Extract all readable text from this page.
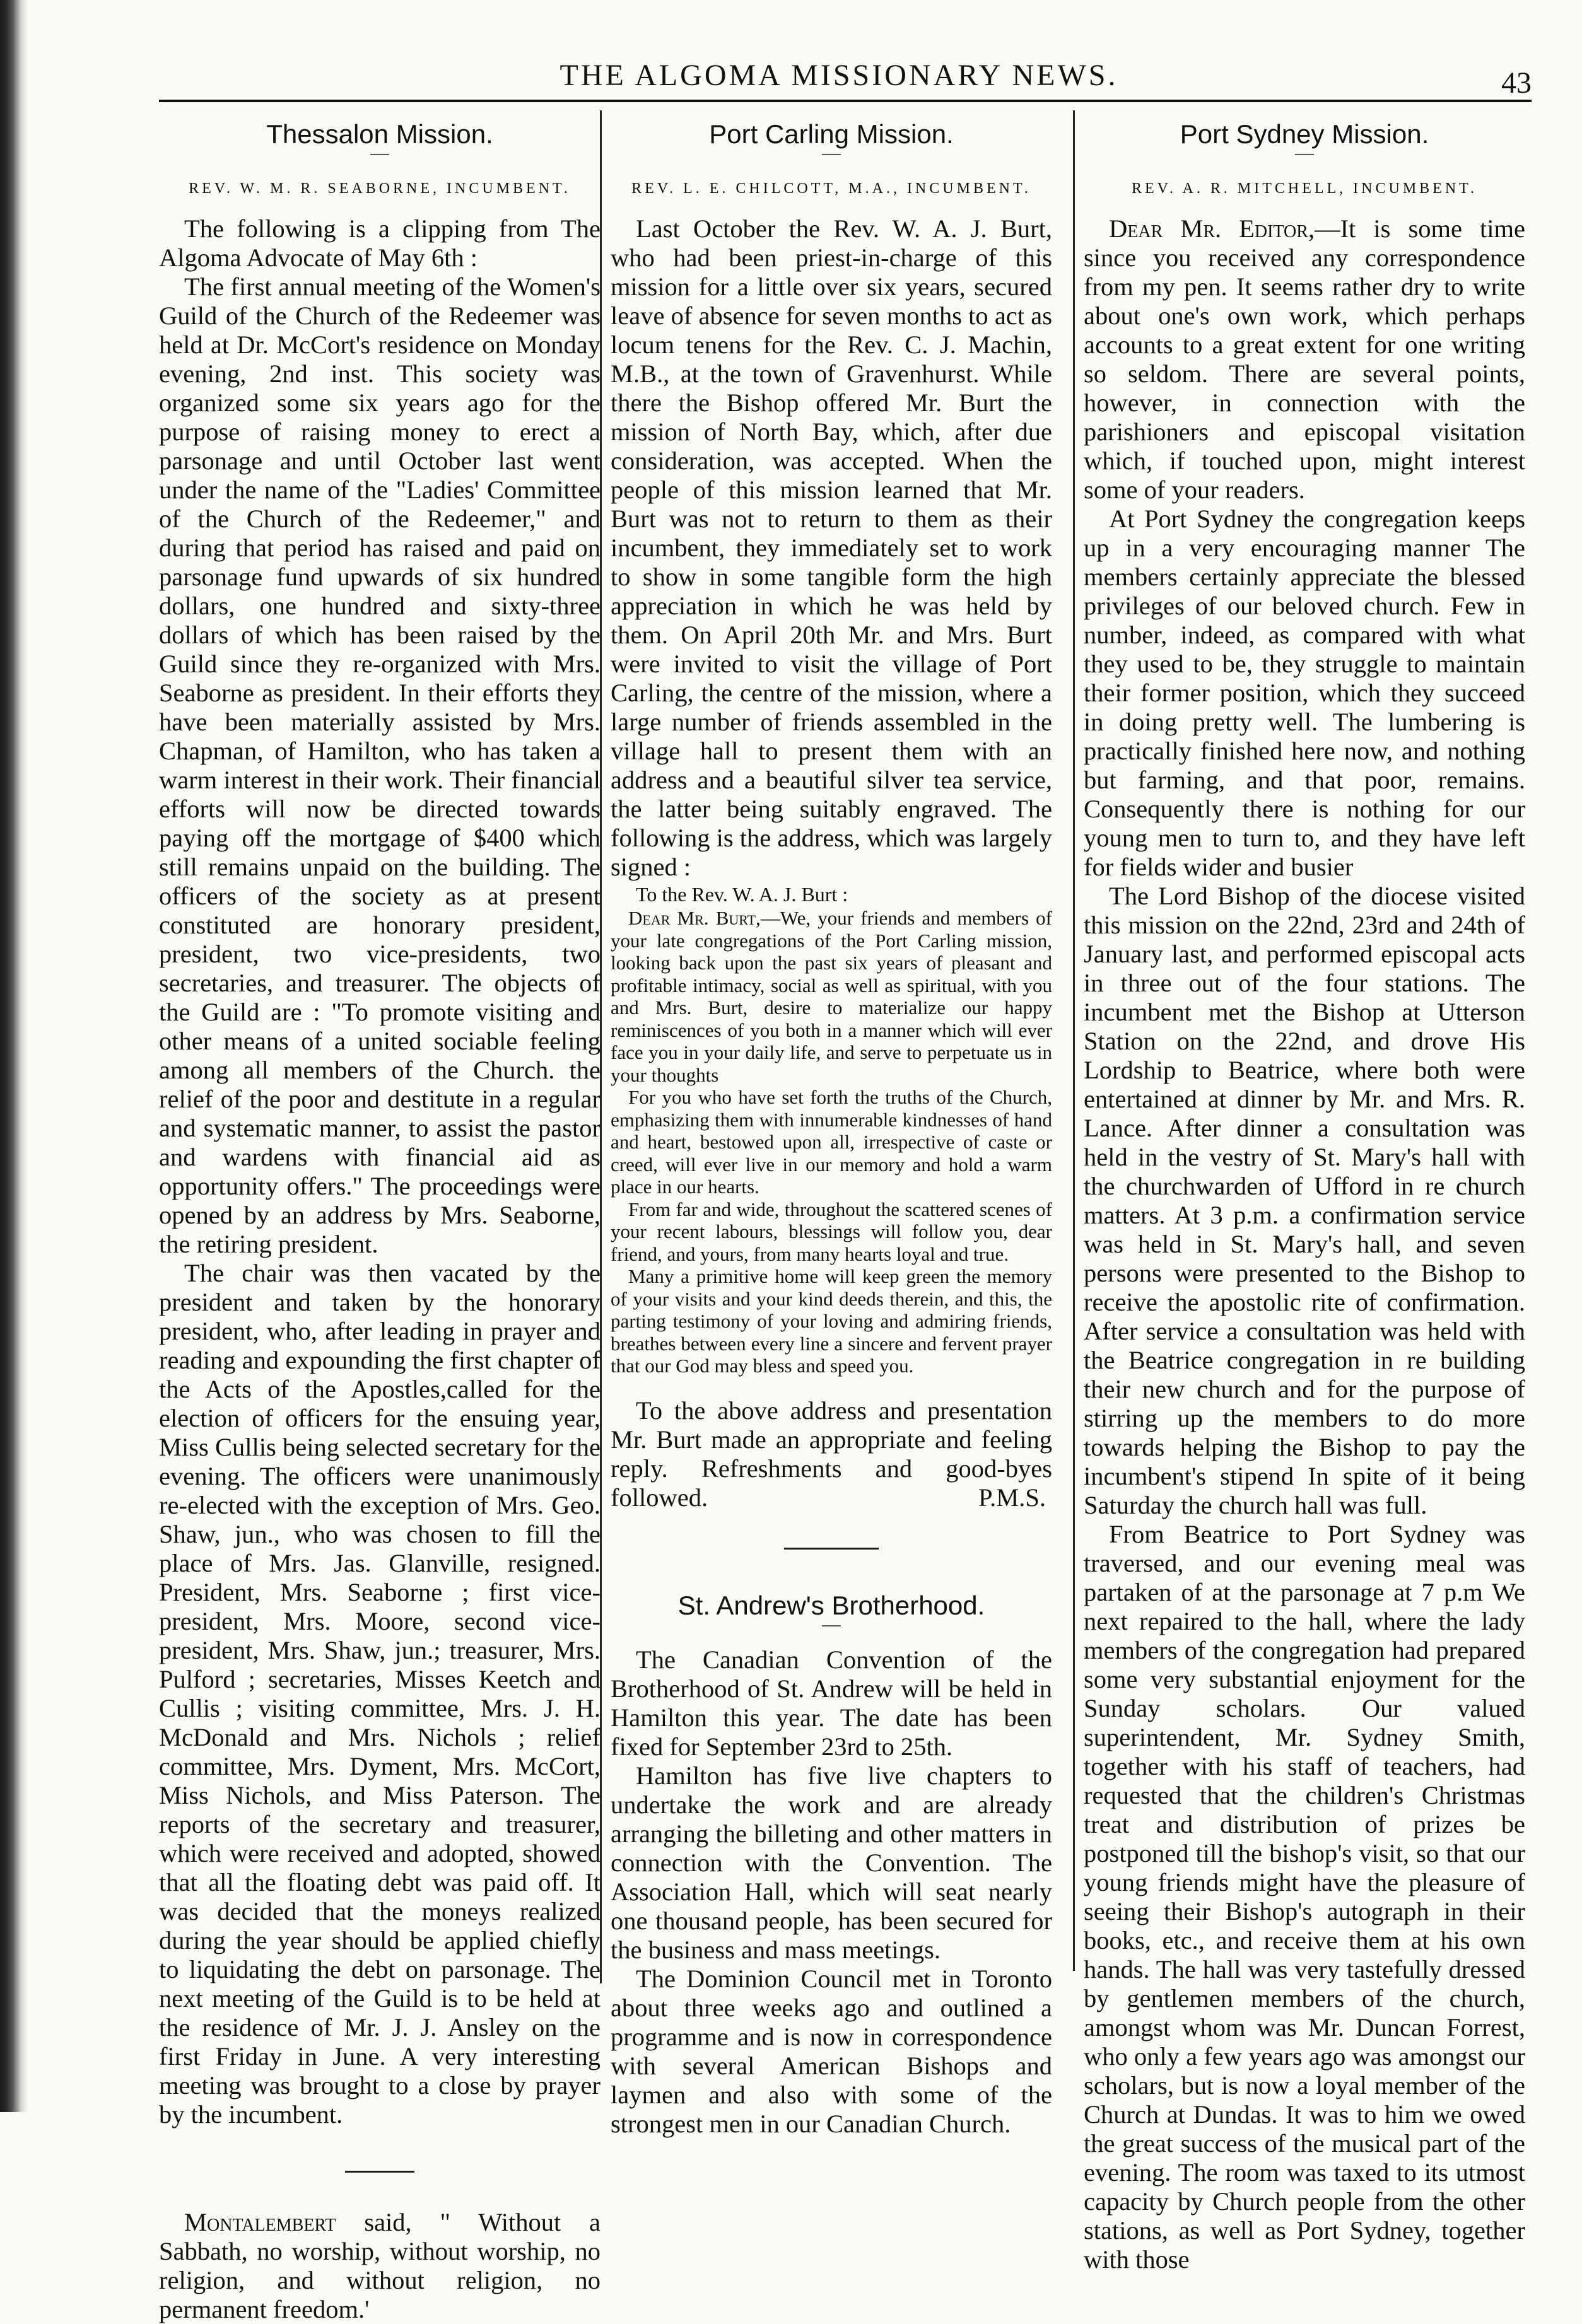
THE ALGOMA MISSIONARY NEWS.	43
Thessalon Mission.
REV. W. M. R. SEABORNE, INCUMBENT.

The following is a clipping from The Algoma Advocate of May 6th :

The first annual meeting of the Women's Guild of the Church of the Redeemer was held at Dr. McCort's residence on Monday evening, 2nd inst. This society was organized some six years ago for the purpose of raising money to erect a parsonage and until October last went under the name of the "Ladies' Committee of the Church of the Redeemer," and during that period has raised and paid on parsonage fund upwards of six hundred dollars, one hundred and sixty-three dollars of which has been raised by the Guild since they re-organized with Mrs. Seaborne as president. In their efforts they have been materially assisted by Mrs. Chapman, of Hamilton, who has taken a warm interest in their work. Their financial efforts will now be directed towards paying off the mortgage of $400 which still remains unpaid on the building. The officers of the society as at present constituted are honorary president, president, two vice-presidents, two secretaries, and treasurer. The objects of the Guild are : "To promote visiting and other means of a united sociable feeling among all members of the Church. the relief of the poor and destitute in a regular and systematic manner, to assist the pastor and wardens with financial aid as opportunity offers." The proceedings were opened by an address by Mrs. Seaborne, the retiring president.

The chair was then vacated by the president and taken by the honorary president, who, after leading in prayer and reading and expounding the first chapter of the Acts of the Apostles,called for the election of officers for the ensuing year, Miss Cullis being selected secretary for the evening. The officers were unanimously re-elected with the exception of Mrs. Geo. Shaw, jun., who was chosen to fill the place of Mrs. Jas. Glanville, resigned. President, Mrs. Seaborne ; first vice-president, Mrs. Moore, second vice-president, Mrs. Shaw, jun.; treasurer, Mrs. Pulford ; secretaries, Misses Keetch and Cullis ; visiting committee, Mrs. J. H. McDonald and Mrs. Nichols ; relief committee, Mrs. Dyment, Mrs. McCort, Miss Nichols, and Miss Paterson. The reports of the secretary and treasurer, which were received and adopted, showed that all the floating debt was paid off. It was decided that the moneys realized during the year should be applied chiefly to liquidating the debt on parsonage. The next meeting of the Guild is to be held at the residence of Mr. J. J. Ansley on the first Friday in June. A very interesting meeting was brought to a close by prayer by the incumbent.

Montalembert said, " Without a Sabbath, no worship, without worship, no religion, and without religion, no permanent freedom.'

Port Carling Mission.
REV. L. E. CHILCOTT, M.A., INCUMBENT.

Last October the Rev. W. A. J. Burt, who had been priest-in-charge of this mission for a little over six years, secured leave of absence for seven months to act as locum tenens for the Rev. C. J. Machin, M.B., at the town of Gravenhurst. While there the Bishop offered Mr. Burt the mission of North Bay, which, after due consideration, was accepted. When the people of this mission learned that Mr. Burt was not to return to them as their incumbent, they immediately set to work to show in some tangible form the high appreciation in which he was held by them. On April 20th Mr. and Mrs. Burt were invited to visit the village of Port Carling, the centre of the mission, where a large number of friends assembled in the village hall to present them with an address and a beautiful silver tea service, the latter being suitably engraved. The following is the address, which was largely signed :

To the Rev. W. A. J. Burt :

Dear Mr. Burt,—We, your friends and members of your late congregations of the Port Carling mission, looking back upon the past six years of pleasant and profitable intimacy, social as well as spiritual, with you and Mrs. Burt, desire to materialize our happy reminiscences of you both in a manner which will ever face you in your daily life, and serve to perpetuate us in your thoughts

For you who have set forth the truths of the Church, emphasizing them with innumerable kindnesses of hand and heart, bestowed upon all, irrespective of caste or creed, will ever live in our memory and hold a warm place in our hearts.

From far and wide, throughout the scattered scenes of your recent labours, blessings will follow you, dear friend, and yours, from many hearts loyal and true.

Many a primitive home will keep green the memory of your visits and your kind deeds therein, and this, the parting testimony of your loving and admiring friends, breathes between every line a sincere and fervent prayer that our God may bless and speed you.

To the above address and presentation Mr. Burt made an appropriate and feeling reply. Refreshments and good-byes followed.	P.M.S.

St. Andrew's Brotherhood.

The Canadian Convention of the Brotherhood of St. Andrew will be held in Hamilton this year. The date has been fixed for September 23rd to 25th.

Hamilton has five live chapters to undertake the work and are already arranging the billeting and other matters in connection with the Convention. The Association Hall, which will seat nearly one thousand people, has been secured for the business and mass meetings.

The Dominion Council met in Toronto about three weeks ago and outlined a programme and is now in correspondence with several American Bishops and laymen and also with some of the strongest men in our Canadian Church.

Port Sydney Mission.
REV. A. R. MITCHELL, INCUMBENT.

Dear Mr. Editor,—It is some time since you received any correspondence from my pen. It seems rather dry to write about one's own work, which perhaps accounts to a great extent for one writing so seldom. There are several points, however, in connection with the parishioners and episcopal visitation which, if touched upon, might interest some of your readers.

At Port Sydney the congregation keeps up in a very encouraging manner The members certainly appreciate the blessed privileges of our beloved church. Few in number, indeed, as compared with what they used to be, they struggle to maintain their former position, which they succeed in doing pretty well. The lumbering is practically finished here now, and nothing but farming, and that poor, remains. Consequently there is nothing for our young men to turn to, and they have left for fields wider and busier

The Lord Bishop of the diocese visited this mission on the 22nd, 23rd and 24th of January last, and performed episcopal acts in three out of the four stations. The incumbent met the Bishop at Utterson Station on the 22nd, and drove His Lordship to Beatrice, where both were entertained at dinner by Mr. and Mrs. R. Lance. After dinner a consultation was held in the vestry of St. Mary's hall with the churchwarden of Ufford in re church matters. At 3 p.m. a confirmation service was held in St. Mary's hall, and seven persons were presented to the Bishop to receive the apostolic rite of confirmation. After service a consultation was held with the Beatrice congregation in re building their new church and for the purpose of stirring up the members to do more towards helping the Bishop to pay the incumbent's stipend In spite of it being Saturday the church hall was full.

From Beatrice to Port Sydney was traversed, and our evening meal was partaken of at the parsonage at 7 p.m We next repaired to the hall, where the lady members of the congregation had prepared some very substantial enjoyment for the Sunday scholars. Our valued superintendent, Mr. Sydney Smith, together with his staff of teachers, had requested that the children's Christmas treat and distribution of prizes be postponed till the bishop's visit, so that our young friends might have the pleasure of seeing their Bishop's autograph in their books, etc., and receive them at his own hands. The hall was very tastefully dressed by gentlemen members of the church, amongst whom was Mr. Duncan Forrest, who only a few years ago was amongst our scholars, but is now a loyal member of the Church at Dundas. It was to him we owed the great success of the musical part of the evening. The room was taxed to its utmost capacity by Church people from the other stations, as well as Port Sydney, together with those
